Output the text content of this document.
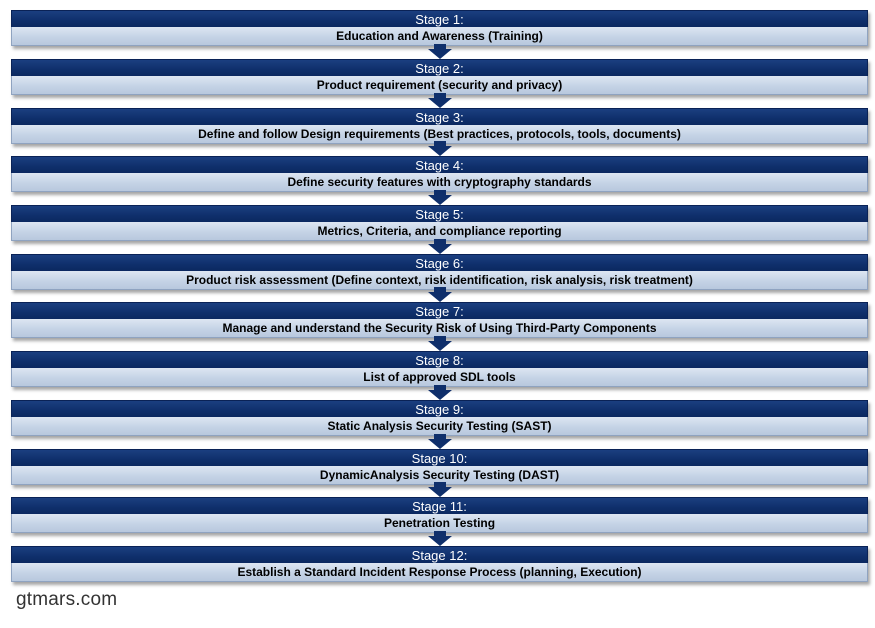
Stage 1:
Education and Awareness (Training)
Stage 2:
Product requirement (security and privacy)
Stage 3:
Define and follow Design requirements (Best practices, protocols, tools, documents)
Stage 4:
Define security features with cryptography standards
Stage 5:
Metrics, Criteria, and compliance reporting
Stage 6:
Product risk assessment (Define context, risk identification, risk analysis, risk treatment)
Stage 7:
Manage and understand the Security Risk of Using Third-Party Components
Stage 8:
List of approved SDL tools
Stage 9:
Static Analysis Security Testing (SAST)
Stage 10:
DynamicAnalysis Security Testing (DAST)
Stage 11:
Penetration Testing
Stage 12:
Establish a Standard Incident Response Process (planning, Execution)
gtmars.com
